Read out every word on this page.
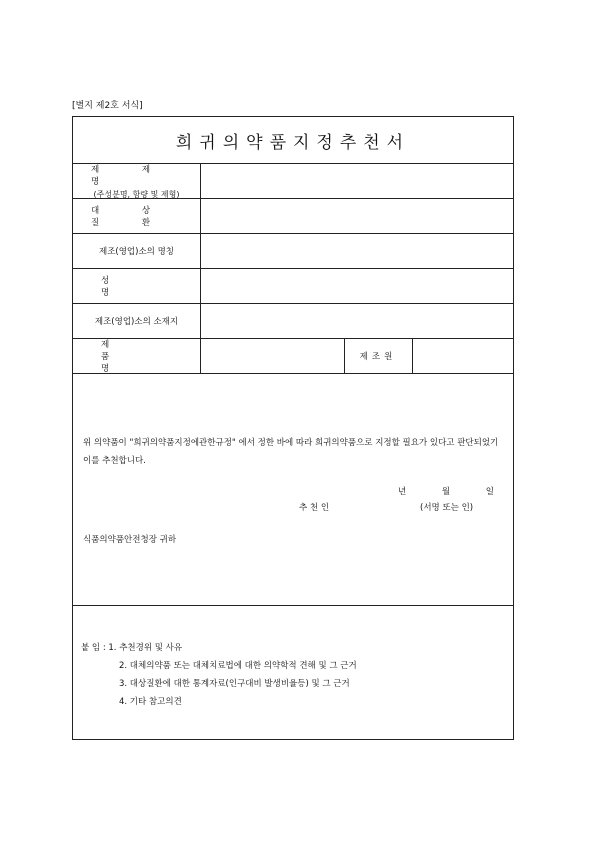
[별지 제2호 서식]
희귀의약품지정추천서
제 제 명
(주성분명, 함량 및 제형)
대 상 질 환
제조(영업)소의 명칭
성 명
제조(영업)소의 소재지
제 품 명
제조원
위 의약품이 "희귀의약품지정에관한규정" 에서 정한 바에 따라 희귀의약품으로 지정할 필요가 있다고 판단되었기 이를 추천합니다.
년	월	일
추 천 인	(서명 또는 인)
식품의약품안전청장 귀하
붙 임 : 1. 추천경위 및 사유
2. 대체의약품 또는 대체치료법에 대한 의약학적 견해 및 그 근거
3. 대상질환에 대한 통계자료(인구대비 발생비율등) 및 그 근거
4. 기타 참고의견
